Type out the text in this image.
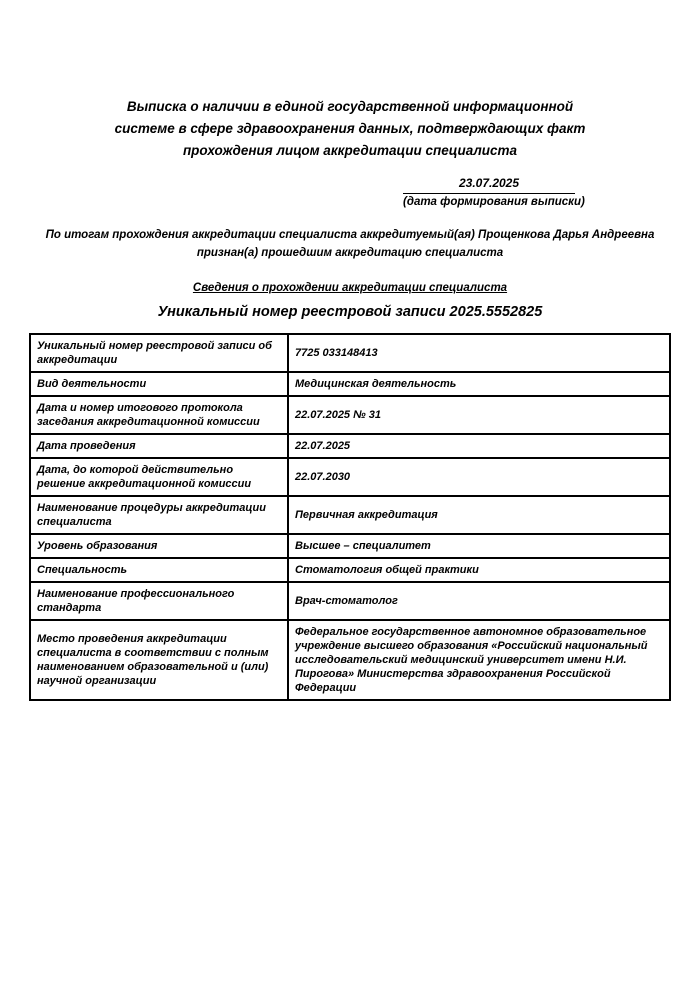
Выписка о наличии в единой государственной информационной
системе в сфере здравоохранения данных, подтверждающих факт
прохождения лицом аккредитации специалиста
23.07.2025
(дата формирования выписки)
По итогам прохождения аккредитации специалиста аккредитуемый(ая) Прощенкова Дарья Андреевна
признан(а) прошедшим аккредитацию специалиста
Сведения о прохождении аккредитации специалиста
Уникальный номер реестровой записи 2025.5552825
Уникальный номер реестровой записи об аккредитации	7725 033148413
Вид деятельности	Медицинская деятельность
Дата и номер итогового протокола заседания аккредитационной комиссии	22.07.2025 № 31
Дата проведения	22.07.2025
Дата, до которой действительно решение аккредитационной комиссии	22.07.2030
Наименование процедуры аккредитации специалиста	Первичная аккредитация
Уровень образования	Высшее – специалитет
Специальность	Стоматология общей практики
Наименование профессионального стандарта	Врач-стоматолог
Место проведения аккредитации специалиста в соответствии с полным наименованием образовательной и (или) научной организации	Федеральное государственное автономное образовательное учреждение высшего образования «Российский национальный исследовательский медицинский университет имени Н.И. Пирогова» Министерства здравоохранения Российской Федерации
